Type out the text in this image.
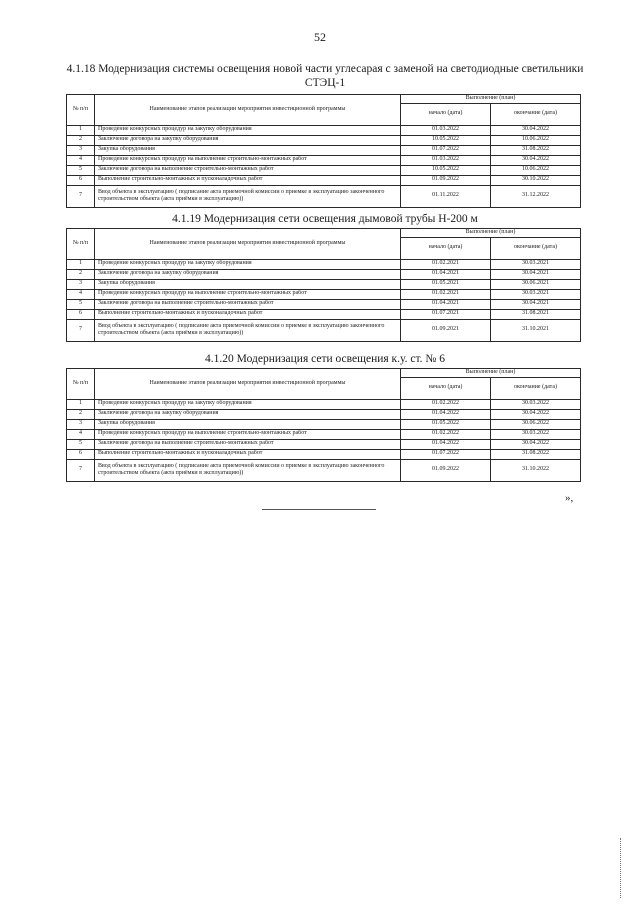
52
4.1.18 Модернизация системы освещения новой части углесарая с заменой на светодиодные светильники СТЭЦ-1
№ п/п	Наименование этапов реализации мероприятия инвестиционной программы	Выполнение (план)	
		начало (дата)	окончание (дата)
1	Проведение конкурсных процедур на закупку оборудования	01.03.2022	30.04.2022
2	Заключение договора на закупку оборудования	10.05.2022	10.06.2022
3	Закупка оборудования	01.07.2022	31.08.2022
4	Проведение конкурсных процедур на выполнение строительно-монтажных работ	01.03.2022	30.04.2022
5	Заключение договора на выполнение строительно-монтажных работ	10.05.2022	10.06.2022
6	Выполнение строительно-монтажных и пусконаладочных работ	01.09.2022	30.10.2022
7	Ввод объекта в эксплуатацию ( подписание акта приемочной комиссии о приемке в эксплуатацию законченного строительством объекта (акта приёмки в эксплуатацию))	01.11.2022	31.12.2022
4.1.19 Модернизация сети освещения дымовой трубы Н-200 м
№ п/п	Наименование этапов реализации мероприятия инвестиционной программы	Выполнение (план)	
		начало (дата)	окончание (дата)
1	Проведение конкурсных процедур на закупку оборудования	01.02.2021	30.03.2021
2	Заключение договора на закупку оборудования	01.04.2021	30.04.2021
3	Закупка оборудования	01.05.2021	30.06.2021
4	Проведение конкурсных процедур на выполнение строительно-монтажных работ	01.02.2021	30.03.2021
5	Заключение договора на выполнение строительно-монтажных работ	01.04.2021	30.04.2021
6	Выполнение строительно-монтажных и пусконаладочных работ	01.07.2021	31.08.2021
7	Ввод объекта в эксплуатацию ( подписание акта приемочной комиссии о приемке в эксплуатацию законченного строительством объекта (акта приёмки в эксплуатацию))	01.09.2021	31.10.2021
4.1.20 Модернизация сети освещения к.у. ст. № 6
№ п/п	Наименование этапов реализации мероприятия инвестиционной программы	Выполнение (план)	
		начало (дата)	окончание (дата)
1	Проведение конкурсных процедур на закупку оборудования	01.02.2022	30.03.2022
2	Заключение договора на закупку оборудования	01.04.2022	30.04.2022
3	Закупка оборудования	01.05.2022	30.06.2022
4	Проведение конкурсных процедур на выполнение строительно-монтажных работ	01.02.2022	30.03.2022
5	Заключение договора на выполнение строительно-монтажных работ	01.04.2022	30.04.2022
6	Выполнение строительно-монтажных и пусконаладочных работ	01.07.2022	31.08.2022
7	Ввод объекта в эксплуатацию ( подписание акта приемочной комиссии о приемке в эксплуатацию законченного строительством объекта (акта приёмки в эксплуатацию))	01.09.2022	31.10.2022
»,
